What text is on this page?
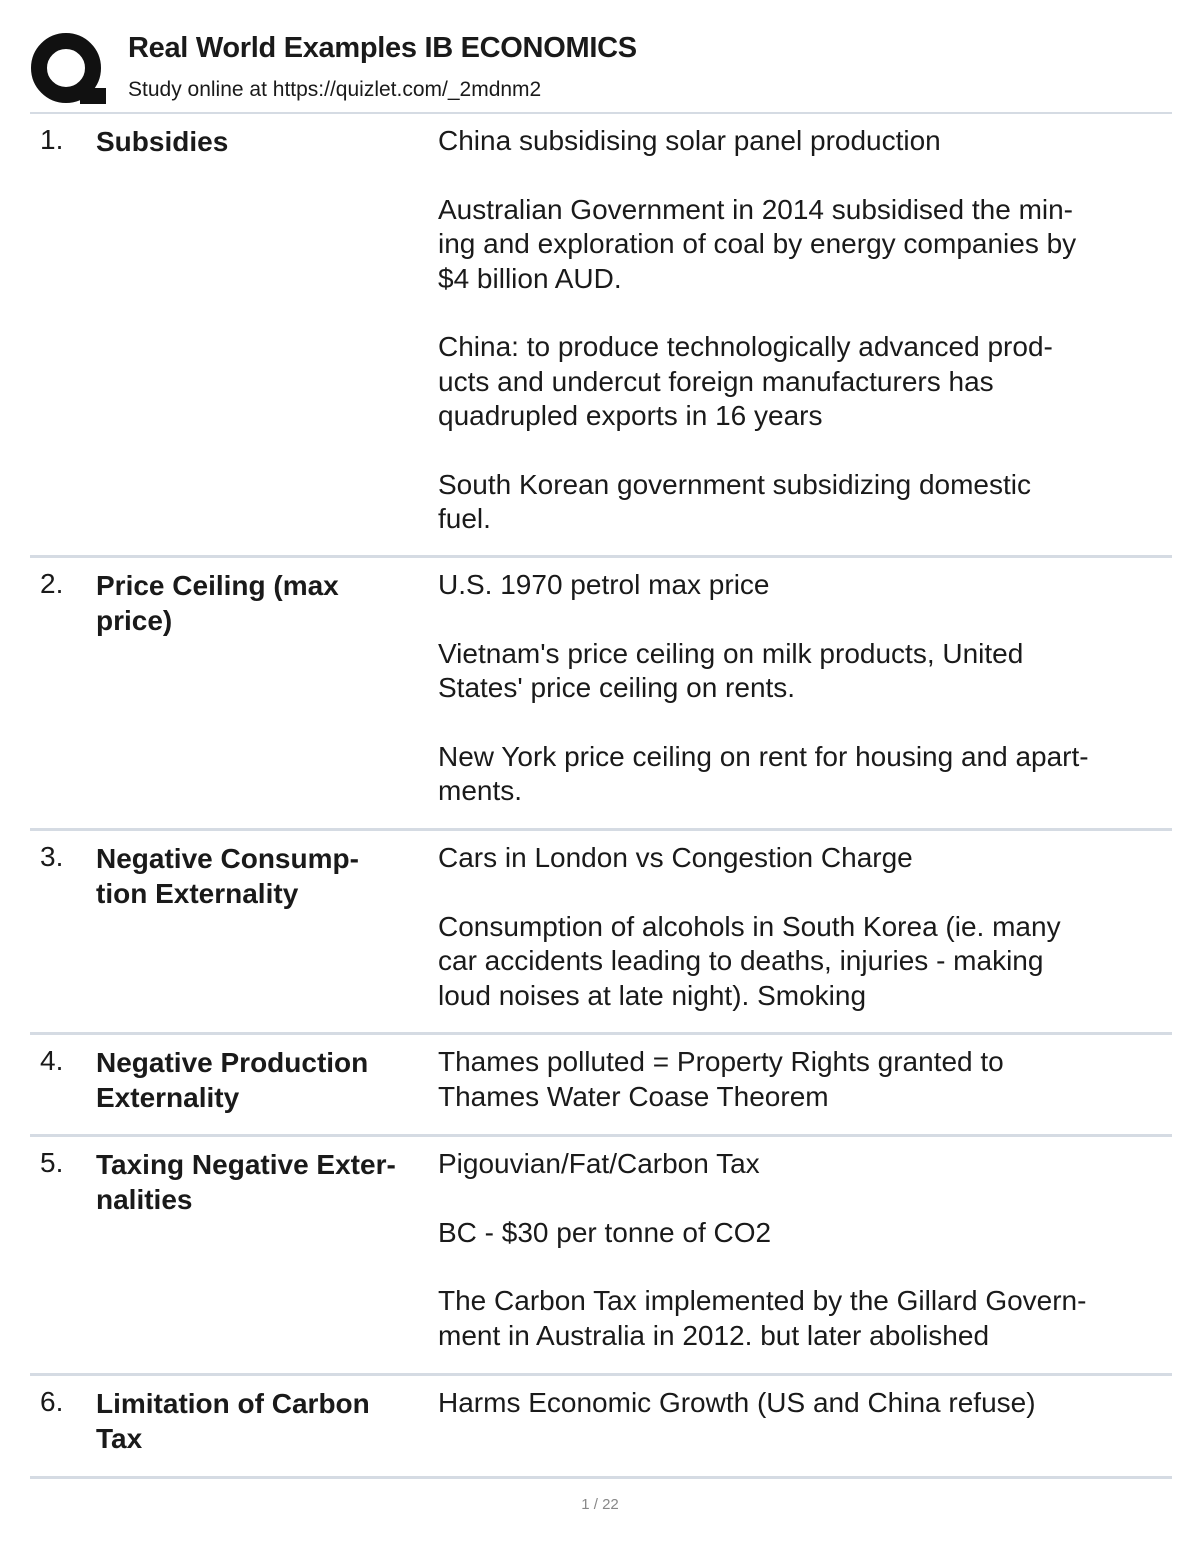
Real World Examples IB ECONOMICS
Study online at https://quizlet.com/_2mdnm2
1. Subsidies	China subsidising solar panel production
Australian Government in 2014 subsidised the min-
ing and exploration of coal by energy companies by
$4 billion AUD.
China: to produce technologically advanced prod-
ucts and undercut foreign manufacturers has
quadrupled exports in 16 years
South Korean government subsidizing domestic
fuel.
2. Price Ceiling (max
price)
U.S. 1970 petrol max price
Vietnam's price ceiling on milk products, United
States' price ceiling on rents.
New York price ceiling on rent for housing and apart-
ments.
3. Negative Consump-
tion Externality
Cars in London vs Congestion Charge
Consumption of alcohols in South Korea (ie. many
car accidents leading to deaths, injuries - making
loud noises at late night). Smoking
4. Negative Production
Externality
Thames polluted = Property Rights granted to
Thames Water Coase Theorem
5. Taxing Negative Exter-
nalities
Pigouvian/Fat/Carbon Tax
BC - $30 per tonne of CO2
The Carbon Tax implemented by the Gillard Govern-
ment in Australia in 2012. but later abolished
6. Limitation of Carbon
Tax
Harms Economic Growth (US and China refuse)
1 / 22
